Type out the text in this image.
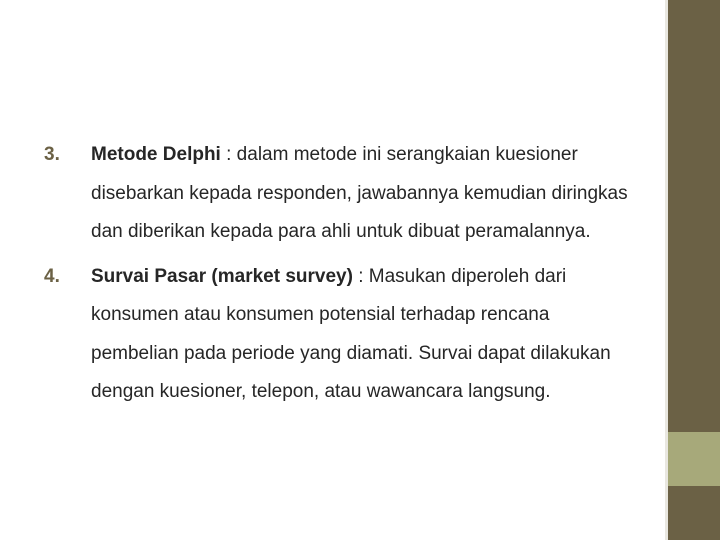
3.	Metode Delphi : dalam metode ini serangkaian kuesioner disebarkan kepada responden, jawabannya kemudian diringkas dan diberikan kepada para ahli untuk dibuat peramalannya.
4.	Survai Pasar (market survey) : Masukan diperoleh dari konsumen atau konsumen potensial terhadap rencana pembelian pada periode yang diamati. Survai dapat dilakukan dengan kuesioner, telepon, atau wawancara langsung.
